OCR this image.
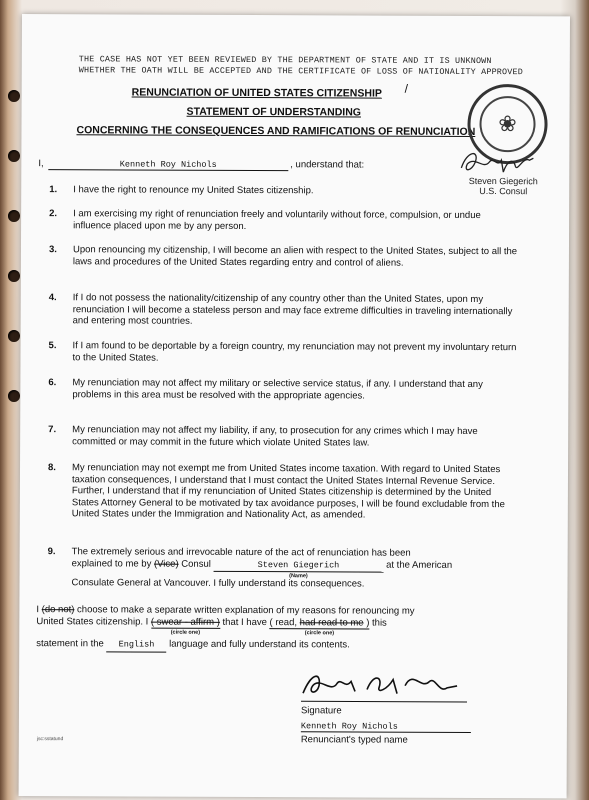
THE CASE HAS NOT YET BEEN REVIEWED BY THE DEPARTMENT OF STATE AND IT IS UNKNOWN
WHETHER THE OATH WILL BE ACCEPTED AND THE CERTIFICATE OF LOSS OF NATIONALITY APPROVED
RENUNCIATION OF UNITED STATES CITIZENSHIP /
STATEMENT OF UNDERSTANDING
CONCERNING THE CONSEQUENCES AND RAMIFICATIONS OF RENUNCIATION ❀
Steven Giegerich
U.S. Consul
I,	Kenneth Roy Nichols	, understand that:
1. I have the right to renounce my United States citizenship.
2. I am exercising my right of renunciation freely and voluntarily without force, compulsion, or undue influence placed upon me by any person.
3. Upon renouncing my citizenship, I will become an alien with respect to the United States, subject to all the laws and procedures of the United States regarding entry and control of aliens.
4. If I do not possess the nationality/citizenship of any country other than the United States, upon my renunciation I will become a stateless person and may face extreme difficulties in traveling internationally and entering most countries.
5. If I am found to be deportable by a foreign country, my renunciation may not prevent my involuntary return to the United States.
6. My renunciation may not affect my military or selective service status, if any. I understand that any problems in this area must be resolved with the appropriate agencies.
7. My renunciation may not affect my liability, if any, to prosecution for any crimes which I may have committed or may commit in the future which violate United States law.
8. My renunciation may not exempt me from United States income taxation. With regard to United States taxation consequences, I understand that I must contact the United States Internal Revenue Service. Further, I understand that if my renunciation of United States citizenship is determined by the United States Attorney General to be motivated by tax avoidance purposes, I will be found excludable from the United States under the Immigration and Nationality Act, as amended.
9. The extremely serious and irrevocable nature of the act of renunciation has been
explained to me by (Vice) Consul	Steven Giegerich
(Name)
at the American
Consulate General at Vancouver. I fully understand its consequences.
I (do not) choose to make a separate written explanation of my reasons for renouncing my
United States citizenship. I ( swear - affirm )
(circle one)
that I have ( read, had read to me )
(circle one)
this
statement in the English language and fully understand its contents.
Signature
Kenneth Roy Nichols
Renunciant's typed name
jsc:sstatund
